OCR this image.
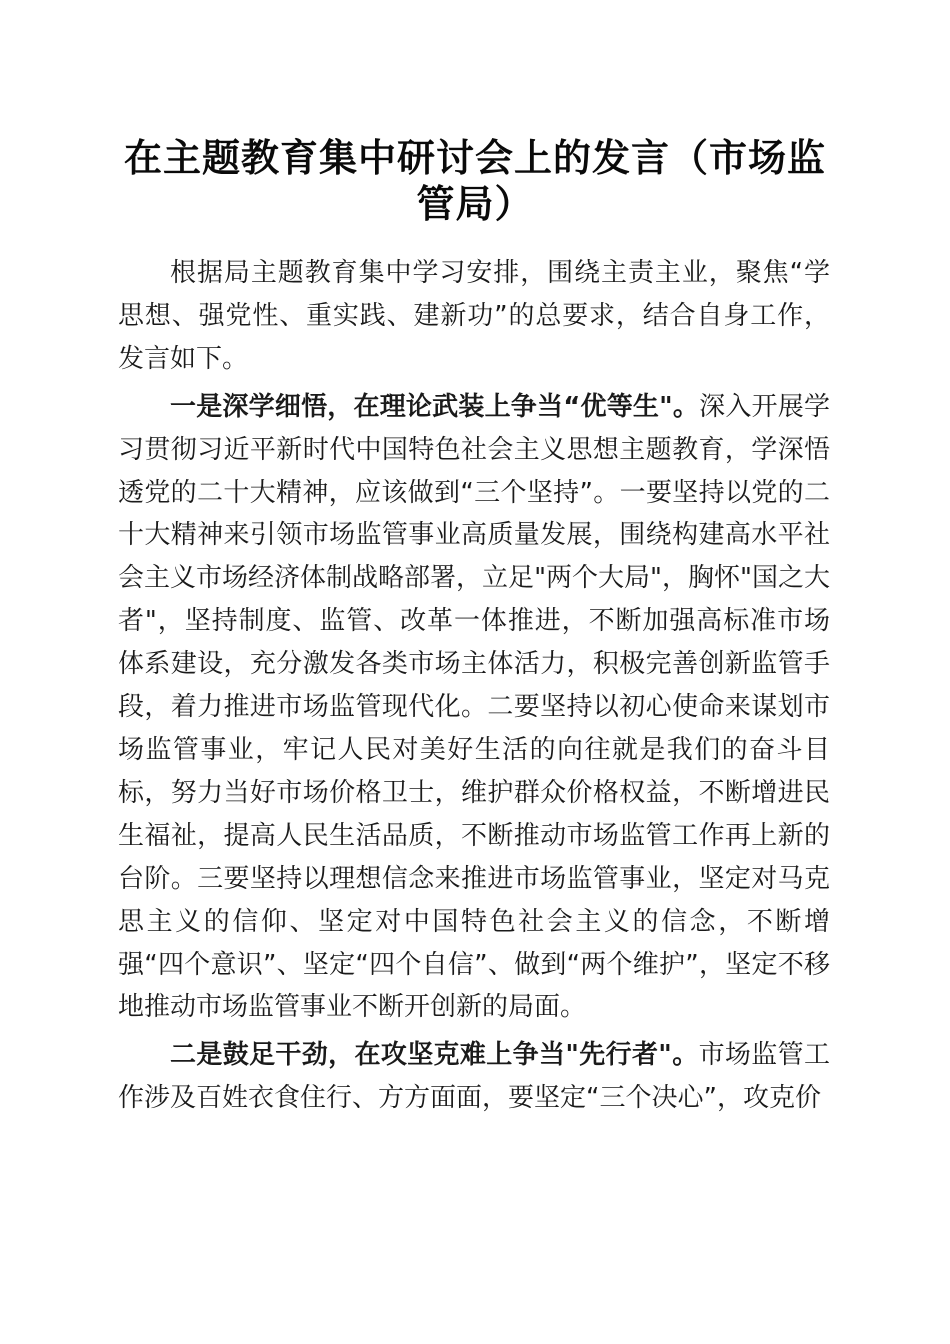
在主题教育集中研讨会上的发言（市场监管局）

根据局主题教育集中学习安排，围绕主责主业，聚焦“学思想、强党性、重实践、建新功”的总要求，结合自身工作，发言如下。

一是深学细悟，在理论武装上争当“优等生"。深入开展学习贯彻习近平新时代中国特色社会主义思想主题教育，学深悟透党的二十大精神，应该做到“三个坚持”。一要坚持以党的二十大精神来引领市场监管事业高质量发展，围绕构建高水平社会主义市场经济体制战略部署，立足"两个大局"，胸怀"国之大者"，坚持制度、监管、改革一体推进，不断加强高标准市场体系建设，充分激发各类市场主体活力，积极完善创新监管手段，着力推进市场监管现代化。二要坚持以初心使命来谋划市场监管事业，牢记人民对美好生活的向往就是我们的奋斗目标，努力当好市场价格卫士，维护群众价格权益，不断增进民生福祉，提高人民生活品质，不断推动市场监管工作再上新的台阶。三要坚持以理想信念来推进市场监管事业，坚定对马克思主义的信仰、坚定对中国特色社会主义的信念，不断增强“四个意识”、坚定“四个自信”、做到“两个维护”，坚定不移地推动市场监管事业不断开创新的局面。

二是鼓足干劲，在攻坚克难上争当"先行者"。市场监管工作涉及百姓衣食住行、方方面面，要坚定“三个决心”，攻克价
